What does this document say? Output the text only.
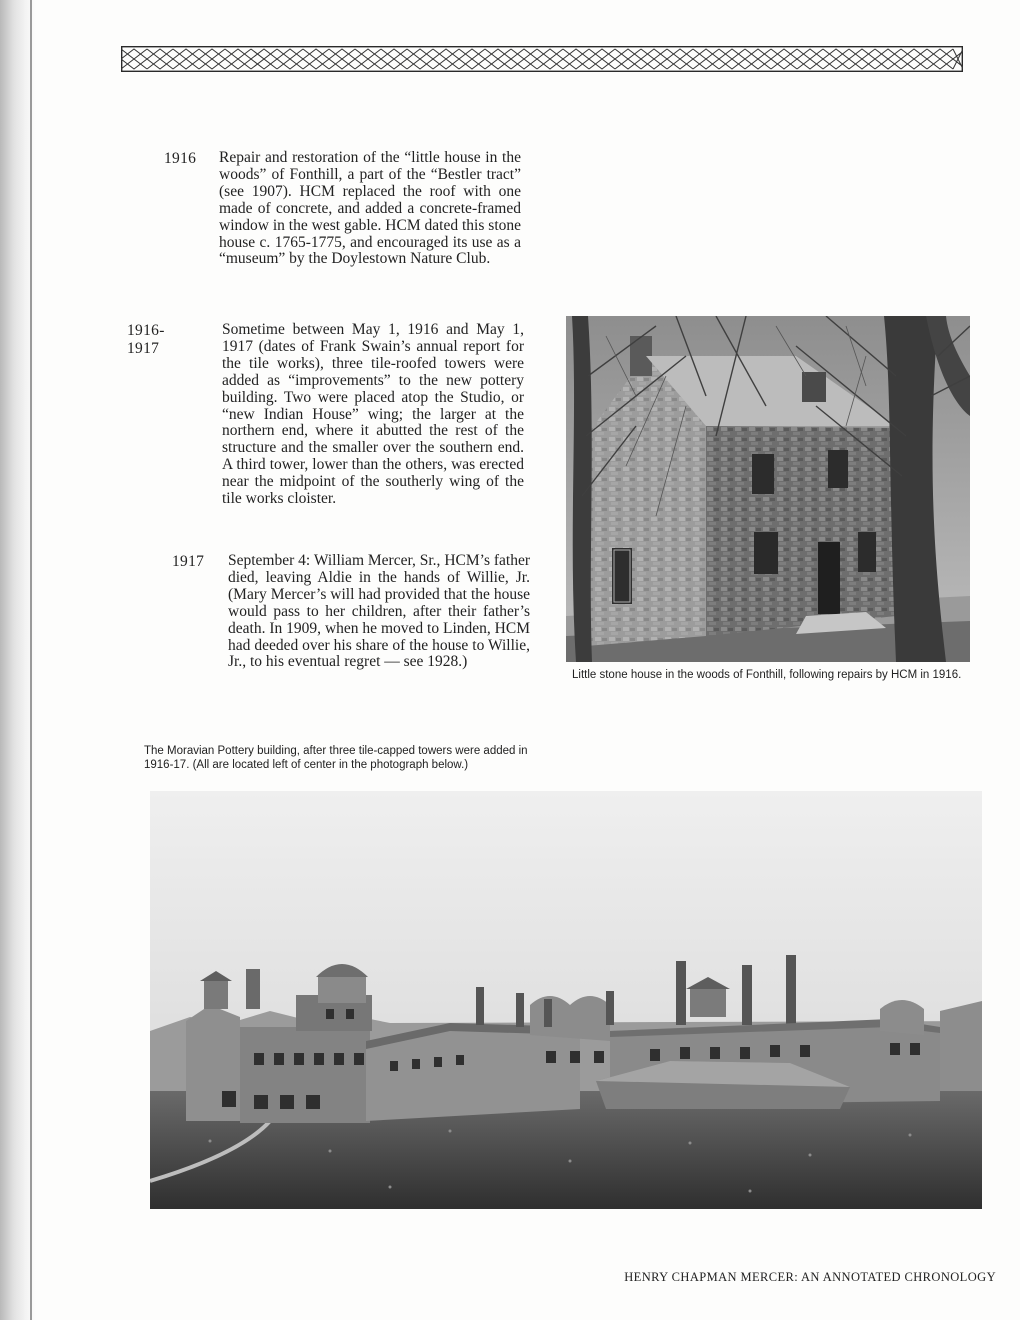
1916 Repair and restoration of the “little house in the woods” of Fonthill, a part of the “Bestler tract” (see 1907). HCM replaced the roof with one made of concrete, and added a concrete-framed window in the west gable. HCM dated this stone house c. 1765-1775, and encouraged its use as a “museum” by the Doylestown Nature Club.
1916-1917
Sometime between May 1, 1916 and May 1, 1917 (dates of Frank Swain’s annual report for the tile works), three tile-roofed towers were added as “improvements” to the new pottery building. Two were placed atop the Studio, or “new Indian House” wing; the larger at the northern end, where it abutted the rest of the structure and the smaller over the southern end. A third tower, lower than the others, was erected near the midpoint of the southerly wing of the tile works cloister.
1917 September 4: William Mercer, Sr., HCM’s father died, leaving Aldie in the hands of Willie, Jr. (Mary Mercer’s will had provided that the house would pass to her children, after their father’s death. In 1909, when he moved to Linden, HCM had deeded over his share of the house to Willie, Jr., to his eventual regret — see 1928.)
Little stone house in the woods of Fonthill, following repairs by HCM in 1916.
The Moravian Pottery building, after three tile-capped towers were added in 1916-17. (All are located left of center in the photograph below.)
HENRY CHAPMAN MERCER: AN ANNOTATED CHRONOLOGY
